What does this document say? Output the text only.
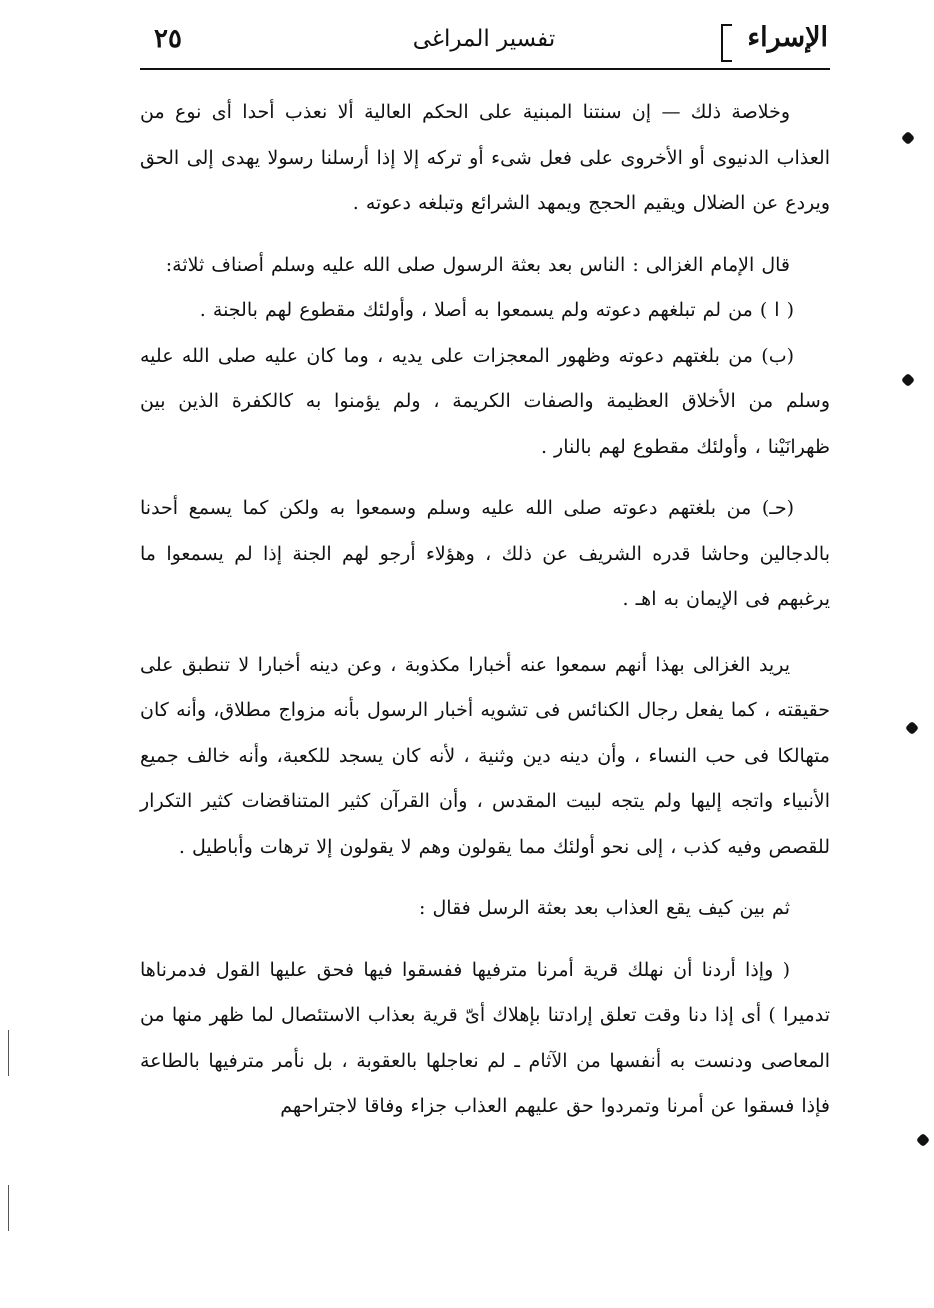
الإسراء
تفسير المراغى
٢٥

وخلاصة ذلك — إن سنتنا المبنية على الحكم العالية ألا نعذب أحدا أى نوع من العذاب الدنيوى أو الأخروى على فعل شىء أو تركه إلا إذا أرسلنا رسولا يهدى إلى الحق ويردع عن الضلال ويقيم الحجج ويمهد الشرائع وتبلغه دعوته .

قال الإمام الغزالى : الناس بعد بعثة الرسول صلى الله عليه وسلم أصناف ثلاثة:

( ا ) من لم تبلغهم دعوته ولم يسمعوا به أصلا ، وأولئك مقطوع لهم بالجنة .

(ب) من بلغتهم دعوته وظهور المعجزات على يديه ، وما كان عليه صلى الله عليه وسلم من الأخلاق العظيمة والصفات الكريمة ، ولم يؤمنوا به كالكفرة الذين بين ظهرانَيْنا ، وأولئك مقطوع لهم بالنار .

(حـ) من بلغتهم دعوته صلى الله عليه وسلم وسمعوا به ولكن كما يسمع أحدنا بالدجالين وحاشا قدره الشريف عن ذلك ، وهؤلاء أرجو لهم الجنة إذا لم يسمعوا ما يرغبهم فى الإيمان به اهـ .

يريد الغزالى بهذا أنهم سمعوا عنه أخبارا مكذوبة ، وعن دينه أخبارا لا تنطبق على حقيقته ، كما يفعل رجال الكنائس فى تشويه أخبار الرسول بأنه مزواج مطلاق، وأنه كان متهالكا فى حب النساء ، وأن دينه دين وثنية ، لأنه كان يسجد للكعبة، وأنه خالف جميع الأنبياء واتجه إليها ولم يتجه لبيت المقدس ، وأن القرآن كثير المتناقضات كثير التكرار للقصص وفيه كذب ، إلى نحو أولئك مما يقولون وهم لا يقولون إلا ترهات وأباطيل .

ثم بين كيف يقع العذاب بعد بعثة الرسل فقال :

( وإذا أردنا أن نهلك قرية أمرنا مترفيها ففسقوا فيها فحق عليها القول فدمرناها تدميرا ) أى إذا دنا وقت تعلق إرادتنا بإهلاك أىّ قرية بعذاب الاستئصال لما ظهر منها من المعاصى ودنست به أنفسها من الآثام ـ لم نعاجلها بالعقوبة ، بل نأمر مترفيها بالطاعة فإذا فسقوا عن أمرنا وتمردوا حق عليهم العذاب جزاء وفاقا لاجتراحهم
